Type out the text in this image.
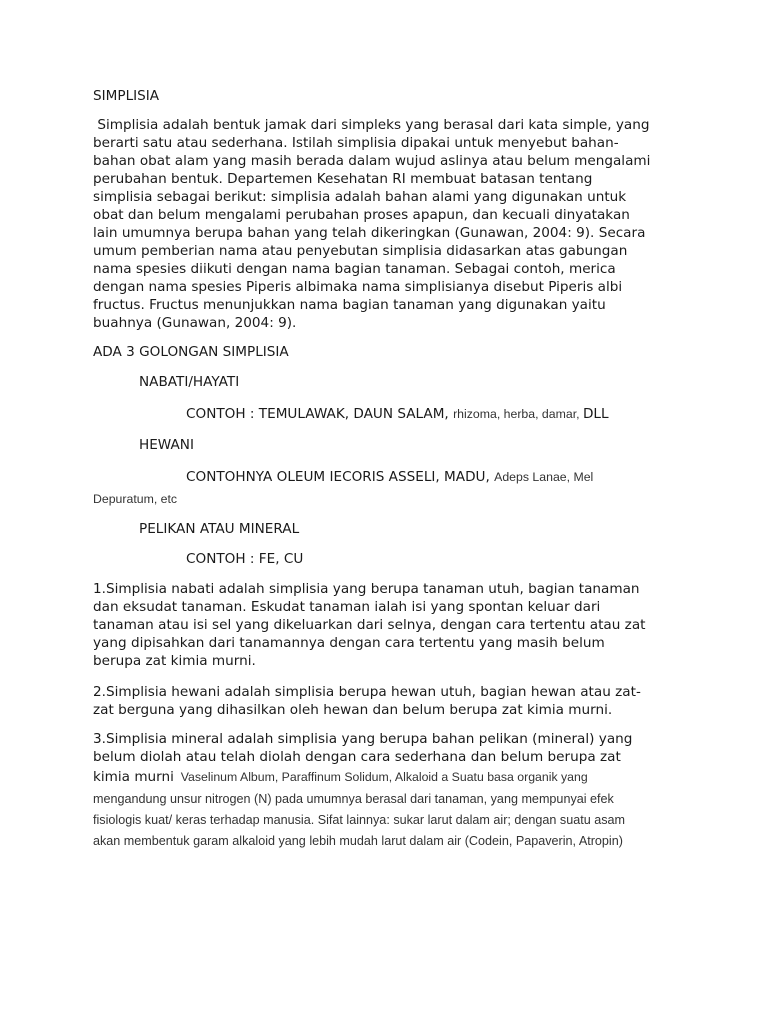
SIMPLISIA

Simplisia adalah bentuk jamak dari simpleks yang berasal dari kata simple, yang

berarti satu atau sederhana. Istilah simplisia dipakai untuk menyebut bahan-

bahan obat alam yang masih berada dalam wujud aslinya atau belum mengalami

perubahan bentuk. Departemen Kesehatan RI membuat batasan tentang

simplisia sebagai berikut: simplisia adalah bahan alami yang digunakan untuk

obat dan belum mengalami perubahan proses apapun, dan kecuali dinyatakan

lain umumnya berupa bahan yang telah dikeringkan (Gunawan, 2004: 9). Secara

umum pemberian nama atau penyebutan simplisia didasarkan atas gabungan

nama spesies diikuti dengan nama bagian tanaman. Sebagai contoh, merica

dengan nama spesies Piperis albimaka nama simplisianya disebut Piperis albi

fructus. Fructus menunjukkan nama bagian tanaman yang digunakan yaitu

buahnya (Gunawan, 2004: 9).

ADA 3 GOLONGAN SIMPLISIA
NABATI/HAYATI
CONTOH : TEMULAWAK, DAUN SALAM, rhizoma, herba, damar, DLL
HEWANI
CONTOHNYA OLEUM IECORIS ASSELI, MADU, Adeps Lanae, Mel
Depuratum, etc
PELIKAN ATAU MINERAL
CONTOH : FE, CU

1.Simplisia nabati adalah simplisia yang berupa tanaman utuh, bagian tanaman

dan eksudat tanaman. Eskudat tanaman ialah isi yang spontan keluar dari

tanaman atau isi sel yang dikeluarkan dari selnya, dengan cara tertentu atau zat

yang dipisahkan dari tanamannya dengan cara tertentu yang masih belum

berupa zat kimia murni.

2.Simplisia hewani adalah simplisia berupa hewan utuh, bagian hewan atau zat-

zat berguna yang dihasilkan oleh hewan dan belum berupa zat kimia murni.

3.Simplisia mineral adalah simplisia yang berupa bahan pelikan (mineral) yang

belum diolah atau telah diolah dengan cara sederhana dan belum berupa zat

kimia murni  Vaselinum Album, Paraffinum Solidum, Alkaloid a Suatu basa organik yang
mengandung unsur nitrogen (N) pada umumnya berasal dari tanaman, yang mempunyai efek
fisiologis kuat/ keras terhadap manusia. Sifat lainnya: sukar larut dalam air; dengan suatu asam
akan membentuk garam alkaloid yang lebih mudah larut dalam air (Codein, Papaverin, Atropin)
